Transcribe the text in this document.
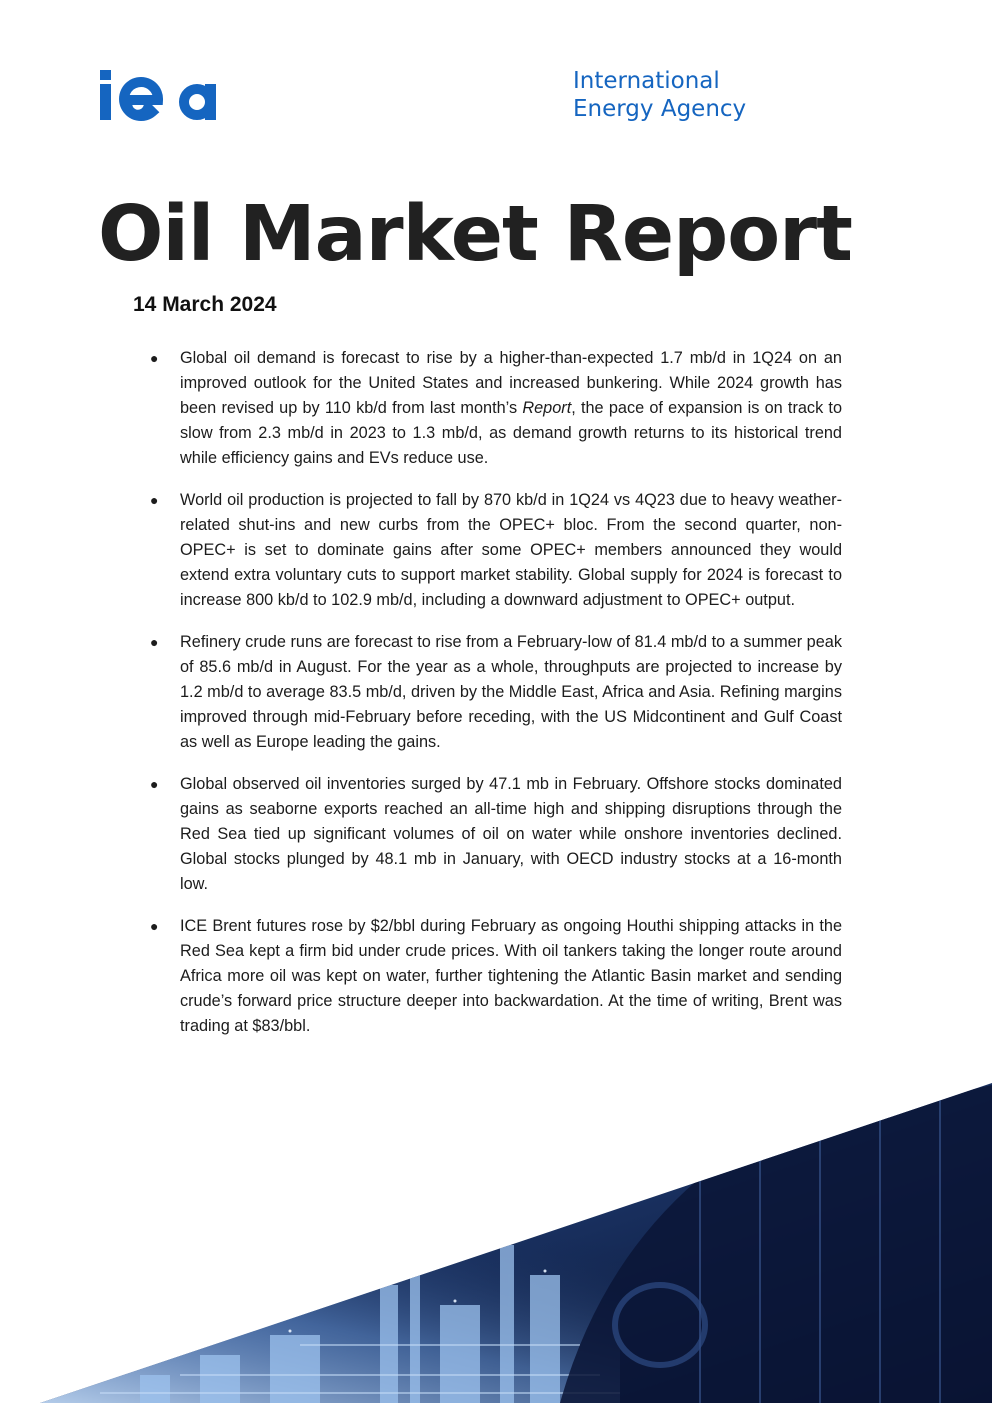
International
Energy Agency
Oil Market Report
14 March 2024
● Global oil demand is forecast to rise by a higher-than-expected 1.7 mb/d in 1Q24 on an improved outlook for the United States and increased bunkering. While 2024 growth has been revised up by 110 kb/d from last month’s Report, the pace of expansion is on track to slow from 2.3 mb/d in 2023 to 1.3 mb/d, as demand growth returns to its historical trend while efficiency gains and EVs reduce use.
● World oil production is projected to fall by 870 kb/d in 1Q24 vs 4Q23 due to heavy weather-related shut-ins and new curbs from the OPEC+ bloc. From the second quarter, non-OPEC+ is set to dominate gains after some OPEC+ members announced they would extend extra voluntary cuts to support market stability. Global supply for 2024 is forecast to increase 800 kb/d to 102.9 mb/d, including a downward adjustment to OPEC+ output.
● Refinery crude runs are forecast to rise from a February-low of 81.4 mb/d to a summer peak of 85.6 mb/d in August. For the year as a whole, throughputs are projected to increase by 1.2 mb/d to average 83.5 mb/d, driven by the Middle East, Africa and Asia. Refining margins improved through mid-February before receding, with the US Midcontinent and Gulf Coast as well as Europe leading the gains.
● Global observed oil inventories surged by 47.1 mb in February. Offshore stocks dominated gains as seaborne exports reached an all-time high and shipping disruptions through the Red Sea tied up significant volumes of oil on water while onshore inventories declined. Global stocks plunged by 48.1 mb in January, with OECD industry stocks at a 16-month low.
● ICE Brent futures rose by $2/bbl during February as ongoing Houthi shipping attacks in the Red Sea kept a firm bid under crude prices. With oil tankers taking the longer route around Africa more oil was kept on water, further tightening the Atlantic Basin market and sending crude’s forward price structure deeper into backwardation. At the time of writing, Brent was trading at $83/bbl.
